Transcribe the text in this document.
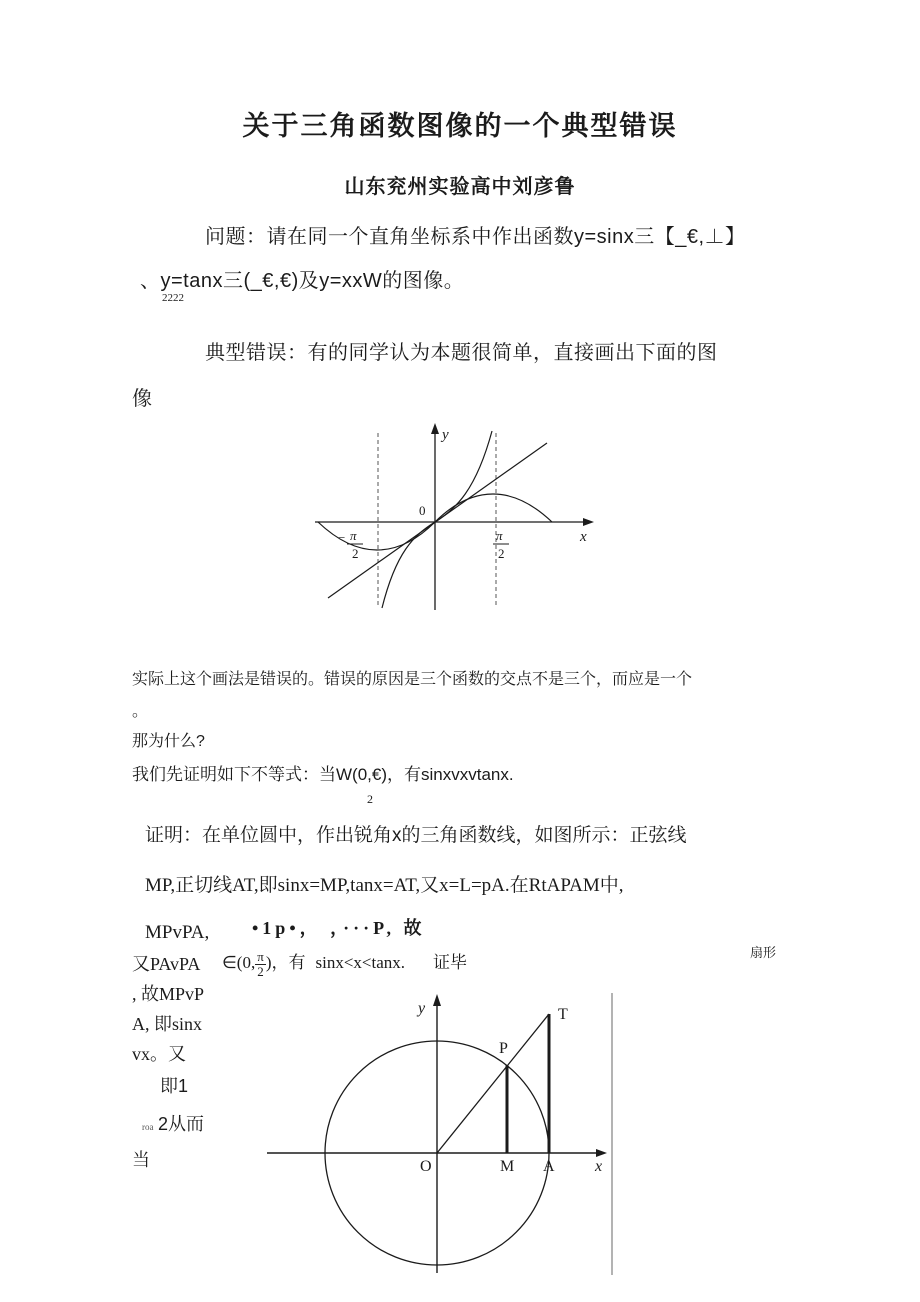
关于三角函数图像的一个典型错误
山东兖州实验高中刘彦鲁
问题：请在同一个直角坐标系中作出函数y=sinx三【_€,⊥】
、y=tanx三(_€,€)及y=xxW的图像。
2222
典型错误：有的同学认为本题很简单，直接画出下面的图
像
y
x
0
− π
2
π
2
实际上这个画法是错误的。错误的原因是三个函数的交点不是三个，而应是一个
。
那为什么?
我们先证明如下不等式：当W(0,€)，有sinxvxvtanx.
2
证明：在单位圆中，作出锐角x的三角函数线，如图所示：正弦线
MP,正切线AT,即sinx=MP,tanx=AT,又x=L=pA.在RtAPAM中,
MPvPA, •1p•， ，···P, 故
又PAvPA ∈(0, $\frac{\pi}{2}$ )，有 sinx<x<tanx. 证毕
扇形
, 故MPvP
A, 即sinx
vx。又
即1
roa 2从而
当
y
x
O	M A
P
T
